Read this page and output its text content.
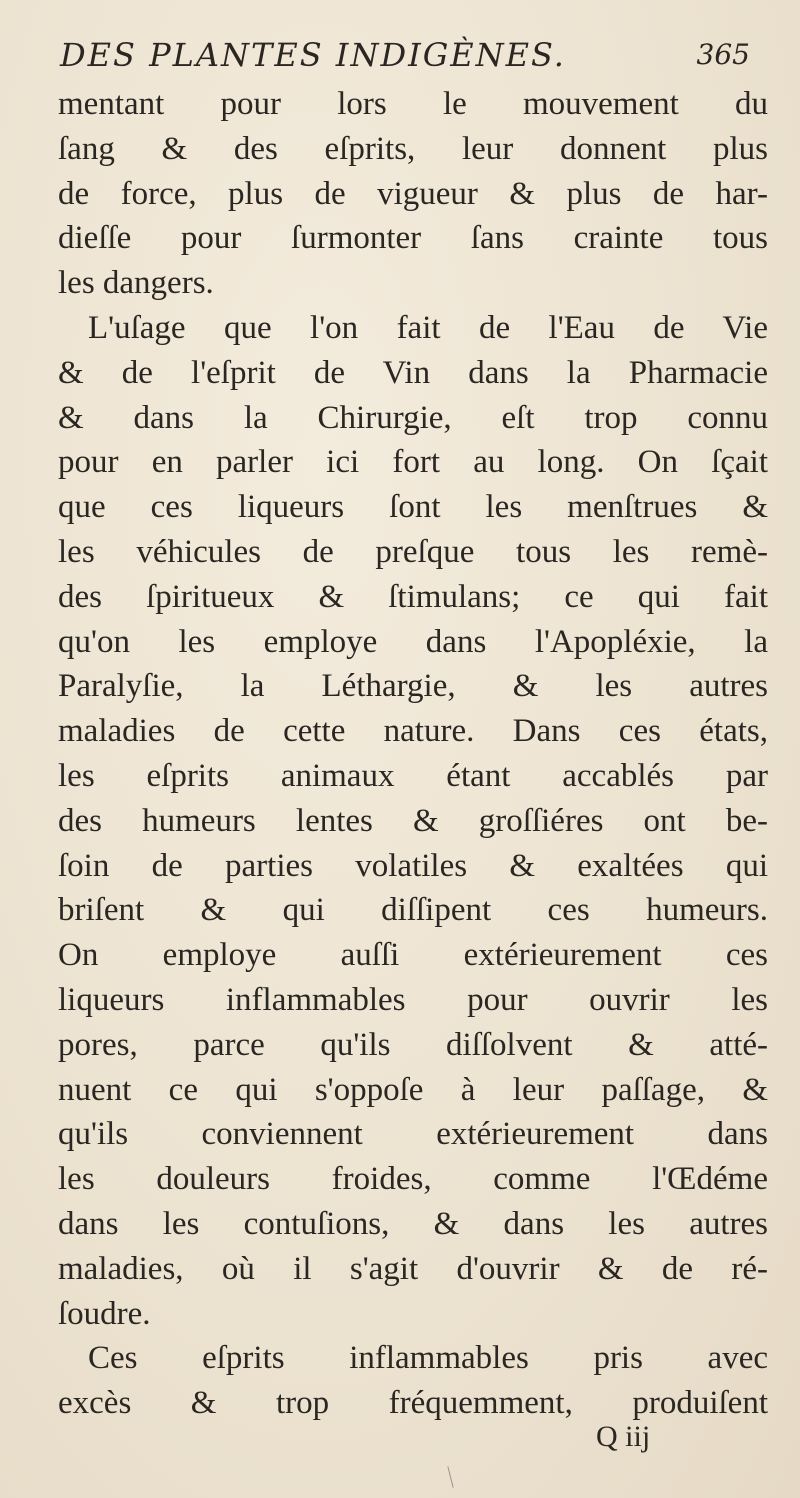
DES PLANTES INDIGÈNES.	365
mentant pour lors le mouvement du
ſang & des eſprits, leur donnent plus
de force, plus de vigueur & plus de har-
dieſſe pour ſurmonter ſans crainte tous
les dangers.
L'uſage que l'on fait de l'Eau de Vie
& de l'eſprit de Vin dans la Pharmacie
& dans la Chirurgie, eſt trop connu
pour en parler ici fort au long. On ſçait
que ces liqueurs ſont les menſtrues &
les véhicules de preſque tous les remè-
des ſpiritueux & ſtimulans; ce qui fait
qu'on les employe dans l'Apopléxie, la
Paralyſie, la Léthargie, & les autres
maladies de cette nature. Dans ces états,
les eſprits animaux étant accablés par
des humeurs lentes & groſſiéres ont be-
ſoin de parties volatiles & exaltées qui
briſent & qui diſſipent ces humeurs.
On employe auſſi extérieurement ces
liqueurs inflammables pour ouvrir les
pores, parce qu'ils diſſolvent & atté-
nuent ce qui s'oppoſe à leur paſſage, &
qu'ils conviennent extérieurement dans
les douleurs froides, comme l'Œdéme
dans les contuſions, & dans les autres
maladies, où il s'agit d'ouvrir & de ré-
ſoudre.
Ces eſprits inflammables pris avec
excès & trop fréquemment, produiſent
Q iij
